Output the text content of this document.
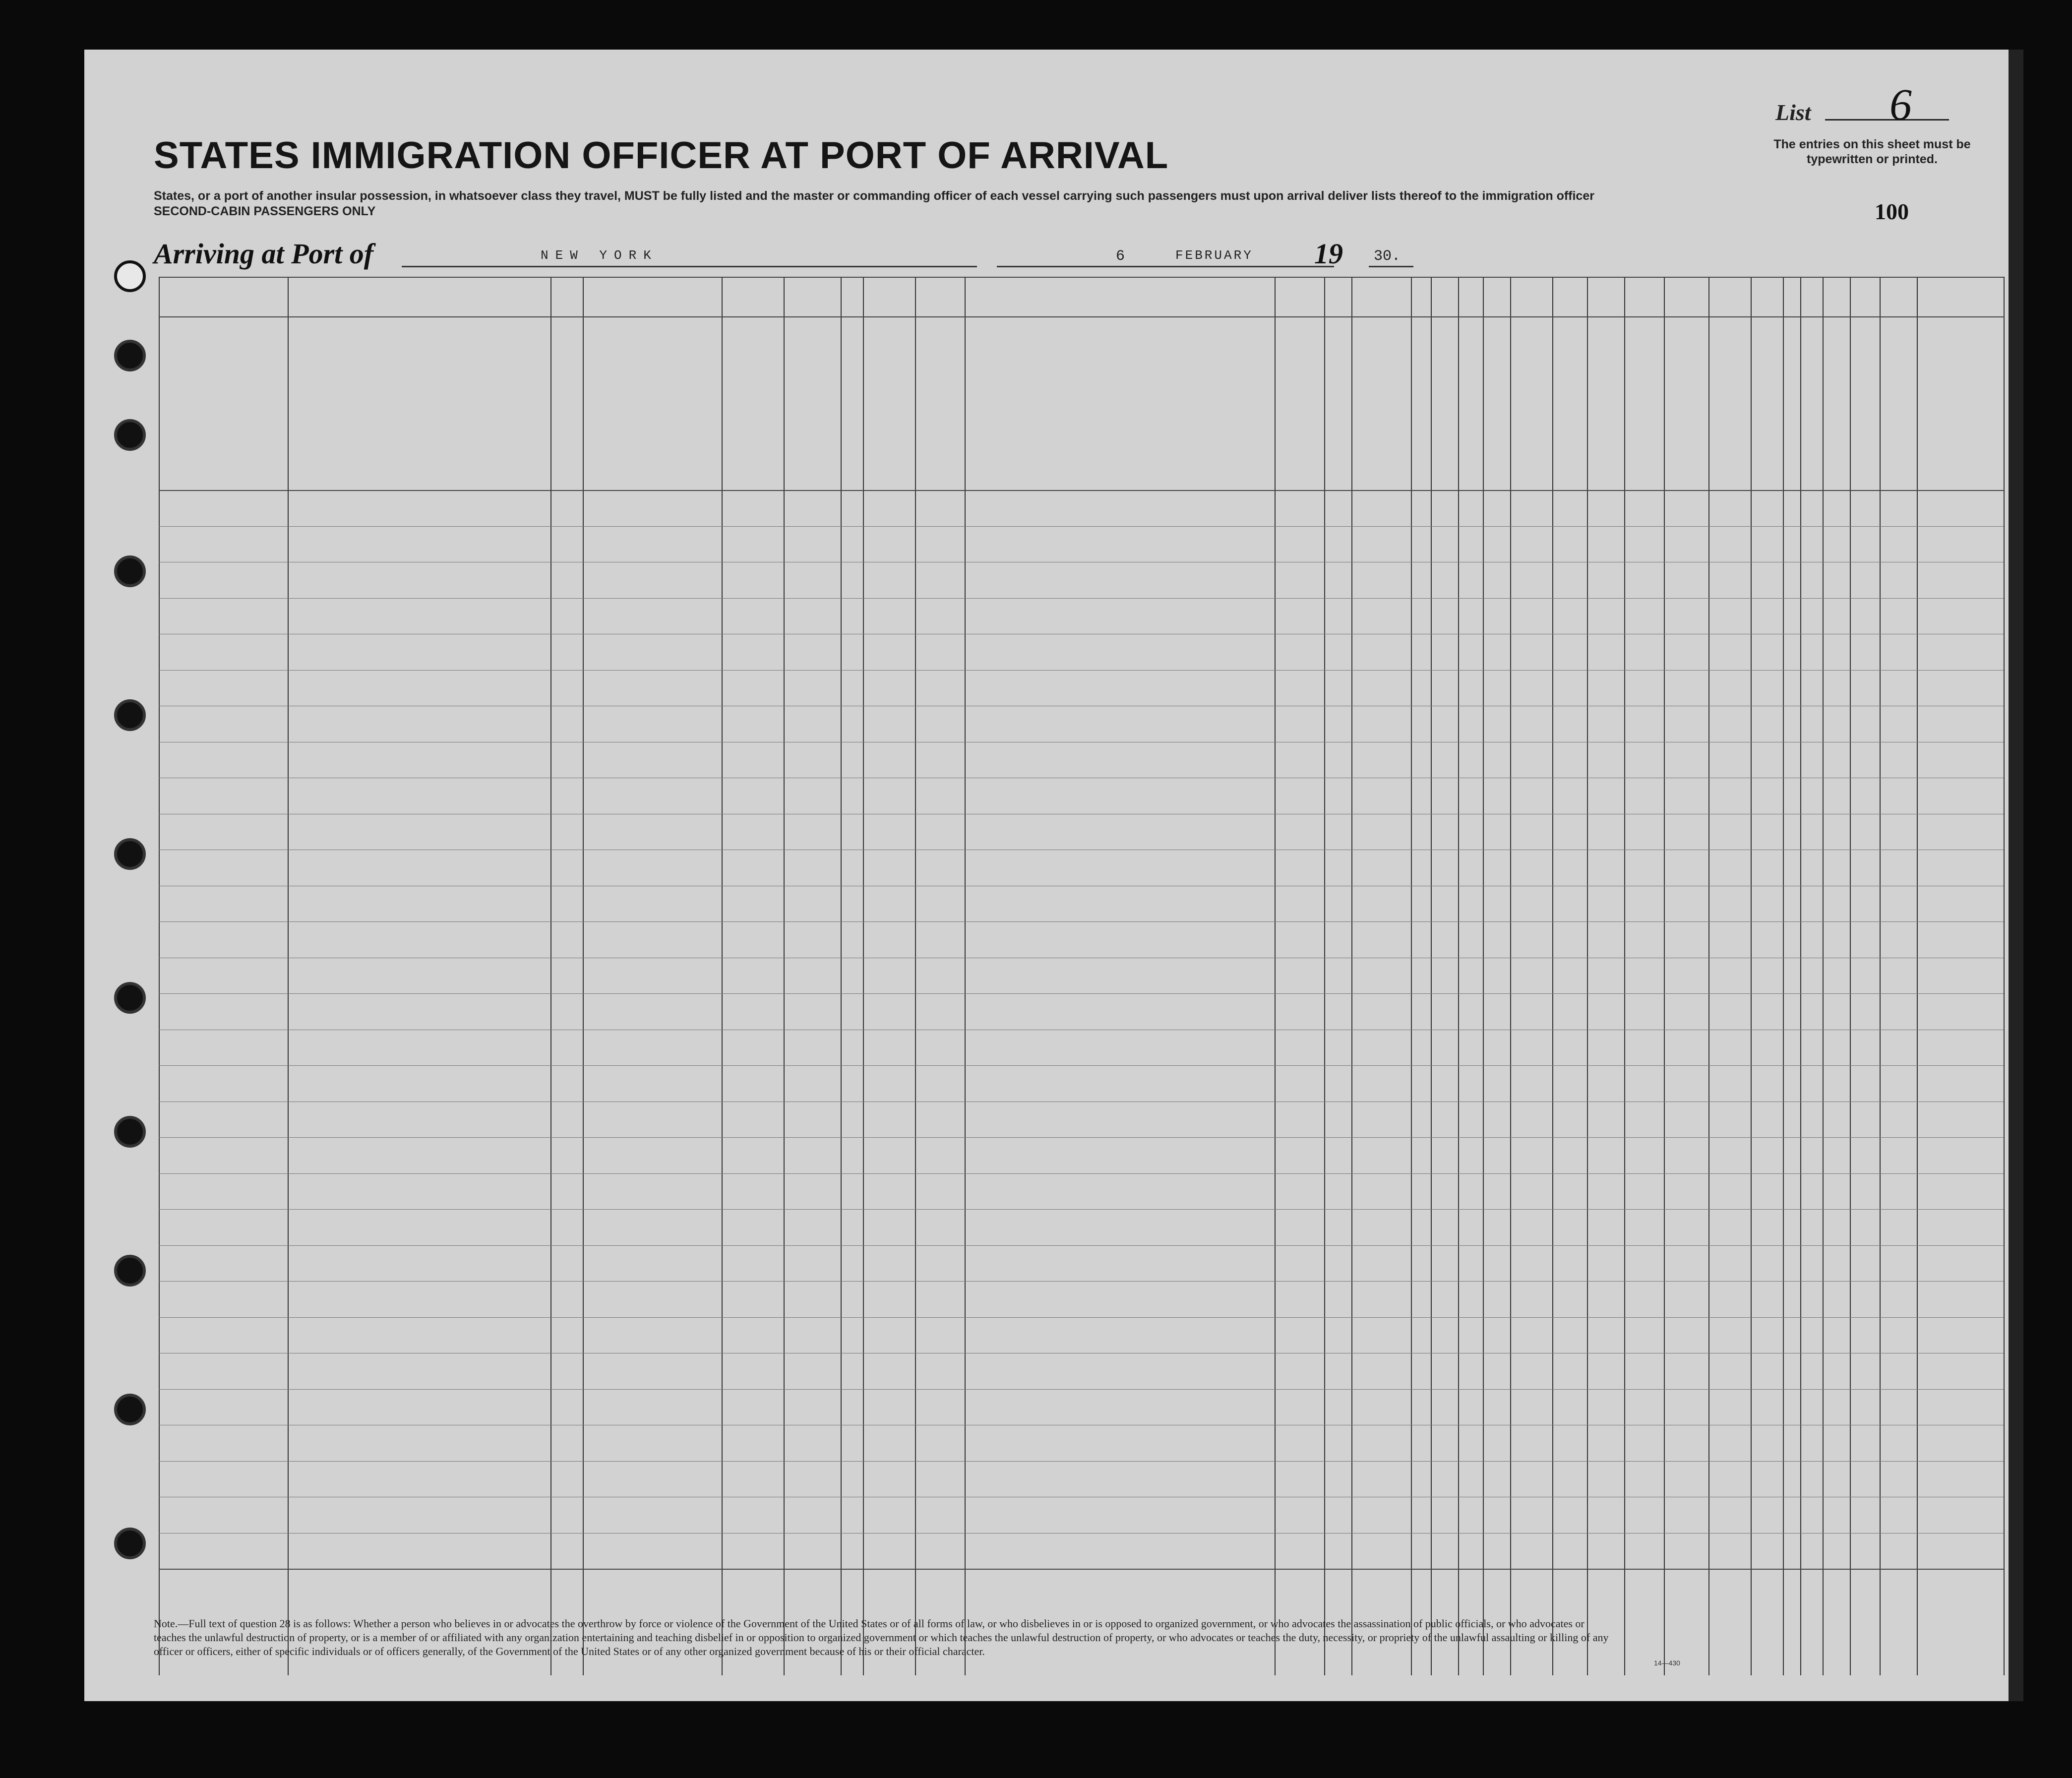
STATES IMMIGRATION OFFICER AT PORT OF ARRIVAL
States, or a port of another insular possession, in whatsoever class they travel, MUST be fully listed and the master or commanding officer of each vessel carrying such passengers must upon arrival deliver lists thereof to the immigration officer
SECOND-CABIN PASSENGERS ONLY
List 6
The entries on this sheet must be typewritten or printed.
100
Arriving at Port of	NEW YORK	6	FEBRUARY 19 30.
Note.—Full text of question 28 is as follows: Whether a person who believes in or advocates the overthrow by force or violence of the Government of the United States or of all forms of law, or who disbelieves in or is opposed to organized government, or who advocates the assassination of public officials, or who advocates or teaches the unlawful destruction of property, or is a member of or affiliated with any organization entertaining and teaching disbelief in or opposition to organized government or which teaches the unlawful destruction of property, or who advocates or teaches the duty, necessity, or propriety of the unlawful assaulting or killing of any officer or officers, either of specific individuals or of officers generally, of the Government of the United States or of any other organized government because of his or their official character.
14—430
